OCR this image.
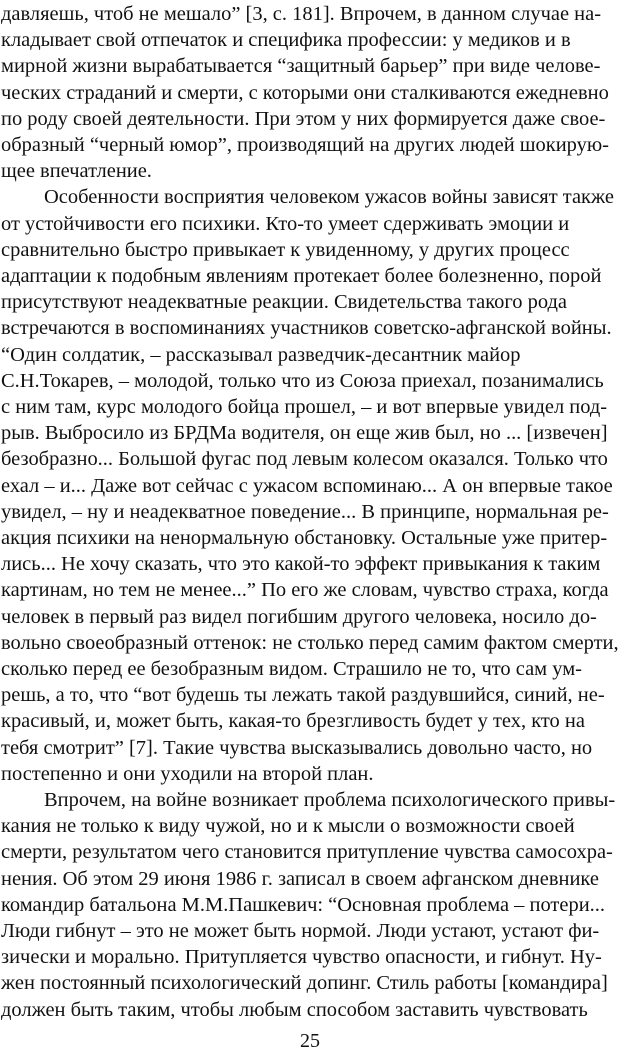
давляешь, чтоб не мешало” [3, с. 181]. Впрочем, в данном случае на-
кладывает свой отпечаток и специфика профессии: у медиков и в
мирной жизни вырабатывается “защитный барьер” при виде челове-
ческих страданий и смерти, с которыми они сталкиваются ежедневно
по роду своей деятельности. При этом у них формируется даже свое-
образный “черный юмор”, производящий на других людей шокирую-
щее впечатление.
Особенности восприятия человеком ужасов войны зависят также
от устойчивости его психики. Кто-то умеет сдерживать эмоции и
сравнительно быстро привыкает к увиденному, у других процесс
адаптации к подобным явлениям протекает более болезненно, порой
присутствуют неадекватные реакции. Свидетельства такого рода
встречаются в воспоминаниях участников советско-афганской войны.
“Один солдатик, – рассказывал разведчик-десантник майор
С.Н.Токарев, – молодой, только что из Союза приехал, позанимались
с ним там, курс молодого бойца прошел, – и вот впервые увидел под-
рыв. Выбросило из БРДМа водителя, он еще жив был, но ... [извечен]
безобразно... Большой фугас под левым колесом оказался. Только что
ехал – и... Даже вот сейчас с ужасом вспоминаю... А он впервые такое
увидел, – ну и неадекватное поведение... В принципе, нормальная ре-
акция психики на ненормальную обстановку. Остальные уже притер-
лись... Не хочу сказать, что это какой-то эффект привыкания к таким
картинам, но тем не менее...” По его же словам, чувство страха, когда
человек в первый раз видел погибшим другого человека, носило до-
вольно своеобразный оттенок: не столько перед самим фактом смерти,
сколько перед ее безобразным видом. Страшило не то, что сам ум-
решь, а то, что “вот будешь ты лежать такой раздувшийся, синий, не-
красивый, и, может быть, какая-то брезгливость будет у тех, кто на
тебя смотрит” [7]. Такие чувства высказывались довольно часто, но
постепенно и они уходили на второй план.
Впрочем, на войне возникает проблема психологического привы-
кания не только к виду чужой, но и к мысли о возможности своей
смерти, результатом чего становится притупление чувства самосохра-
нения. Об этом 29 июня 1986 г. записал в своем афганском дневнике
командир батальона М.М.Пашкевич: “Основная проблема – потери...
Люди гибнут – это не может быть нормой. Люди устают, устают фи-
зически и морально. Притупляется чувство опасности, и гибнут. Ну-
жен постоянный психологический допинг. Стиль работы [командира]
должен быть таким, чтобы любым способом заставить чувствовать
25
